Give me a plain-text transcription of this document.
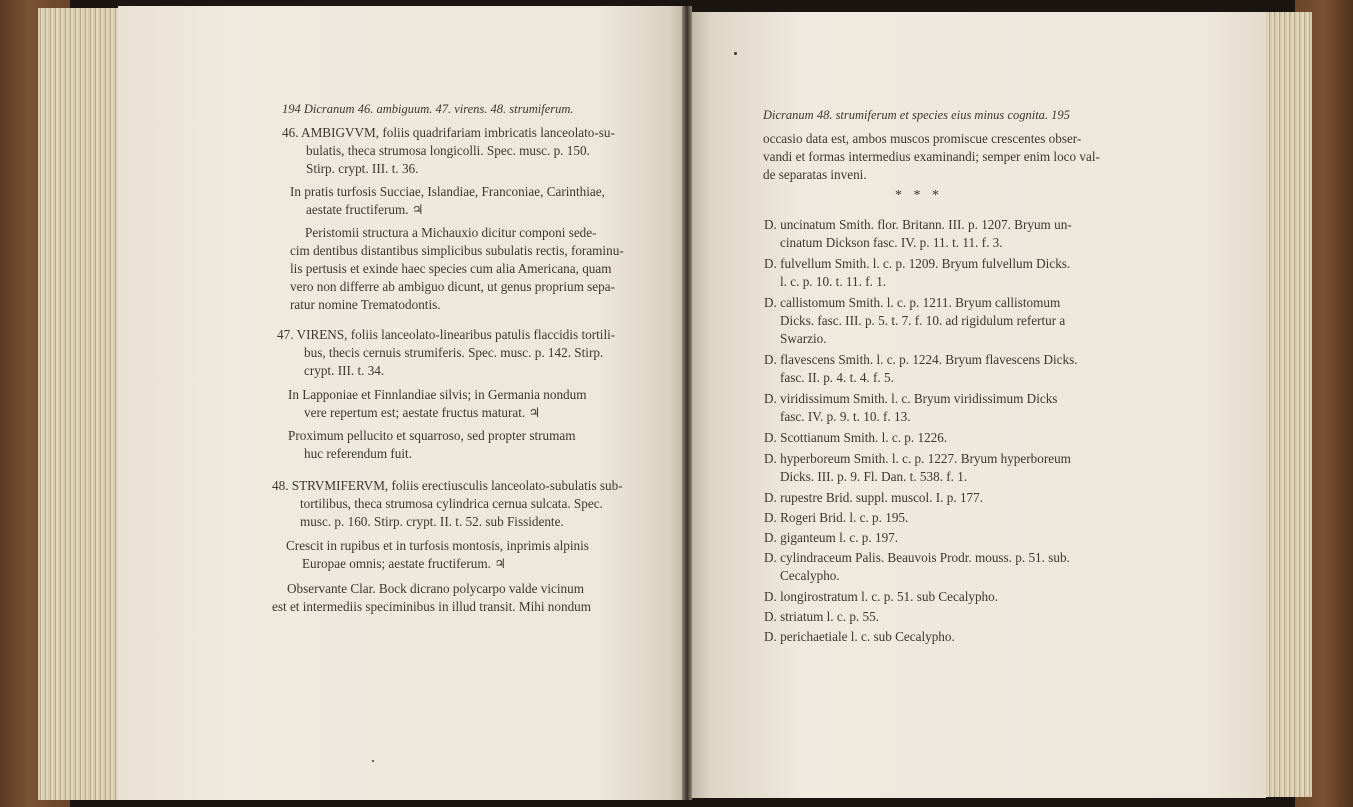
194 Dicranum 46. ambiguum. 47. virens. 48. strumiferum.
46. AMBIGVVM, foliis quadrifariam imbricatis lanceolato-su-
bulatis, theca strumosa longicolli. Spec. musc. p. 150.
Stirp. crypt. III. t. 36.
In pratis turfosis Succiae, Islandiae, Franconiae, Carinthiae,
aestate fructiferum. ♃
Peristomii structura a Michauxio dicitur componi sede-
cim dentibus distantibus simplicibus subulatis rectis, foraminu-
lis pertusis et exinde haec species cum alia Americana, quam
vero non differre ab ambiguo dicunt, ut genus proprium sepa-
ratur nomine Trematodontis.
47. VIRENS, foliis lanceolato-linearibus patulis flaccidis tortili-
bus, thecis cernuis strumiferis. Spec. musc. p. 142. Stirp.
crypt. III. t. 34.
In Lapponiae et Finnlandiae silvis; in Germania nondum
vere repertum est; aestate fructus maturat. ♃
Proximum pellucito et squarroso, sed propter strumam
huc referendum fuit.
48. STRVMIFERVM, foliis erectiusculis lanceolato-subulatis sub-
tortilibus, theca strumosa cylindrica cernua sulcata. Spec.
musc. p. 160. Stirp. crypt. II. t. 52. sub Fissidente.
Crescit in rupibus et in turfosis montosis, inprimis alpinis
Europae omnis; aestate fructiferum. ♃
Observante Clar. Bock dicrano polycarpo valde vicinum
est et intermediis speciminibus in illud transit. Mihi nondum
Dicranum 48. strumiferum et species eius minus cognita. 195
occasio data est, ambos muscos promiscue crescentes obser-
vandi et formas intermedius examinandi; semper enim loco val-
de separatas inveni.
* * *
D. uncinatum Smith. flor. Britann. III. p. 1207. Bryum un-
cinatum Dickson fasc. IV. p. 11. t. 11. f. 3.
D. fulvellum Smith. l. c. p. 1209. Bryum fulvellum Dicks.
l. c. p. 10. t. 11. f. 1.
D. callistomum Smith. l. c. p. 1211. Bryum callistomum
Dicks. fasc. III. p. 5. t. 7. f. 10. ad rigidulum refertur a
Swarzio.
D. flavescens Smith. l. c. p. 1224. Bryum flavescens Dicks.
fasc. II. p. 4. t. 4. f. 5.
D. viridissimum Smith. l. c. Bryum viridissimum Dicks
fasc. IV. p. 9. t. 10. f. 13.
D. Scottianum Smith. l. c. p. 1226.
D. hyperboreum Smith. l. c. p. 1227. Bryum hyperboreum
Dicks. III. p. 9. Fl. Dan. t. 538. f. 1.
D. rupestre Brid. suppl. muscol. I. p. 177.
D. Rogeri Brid. l. c. p. 195.
D. giganteum l. c. p. 197.
D. cylindraceum Palis. Beauvois Prodr. mouss. p. 51. sub.
Cecalypho.
D. longirostratum l. c. p. 51. sub Cecalypho.
D. striatum l. c. p. 55.
D. perichaetiale l. c. sub Cecalypho.
